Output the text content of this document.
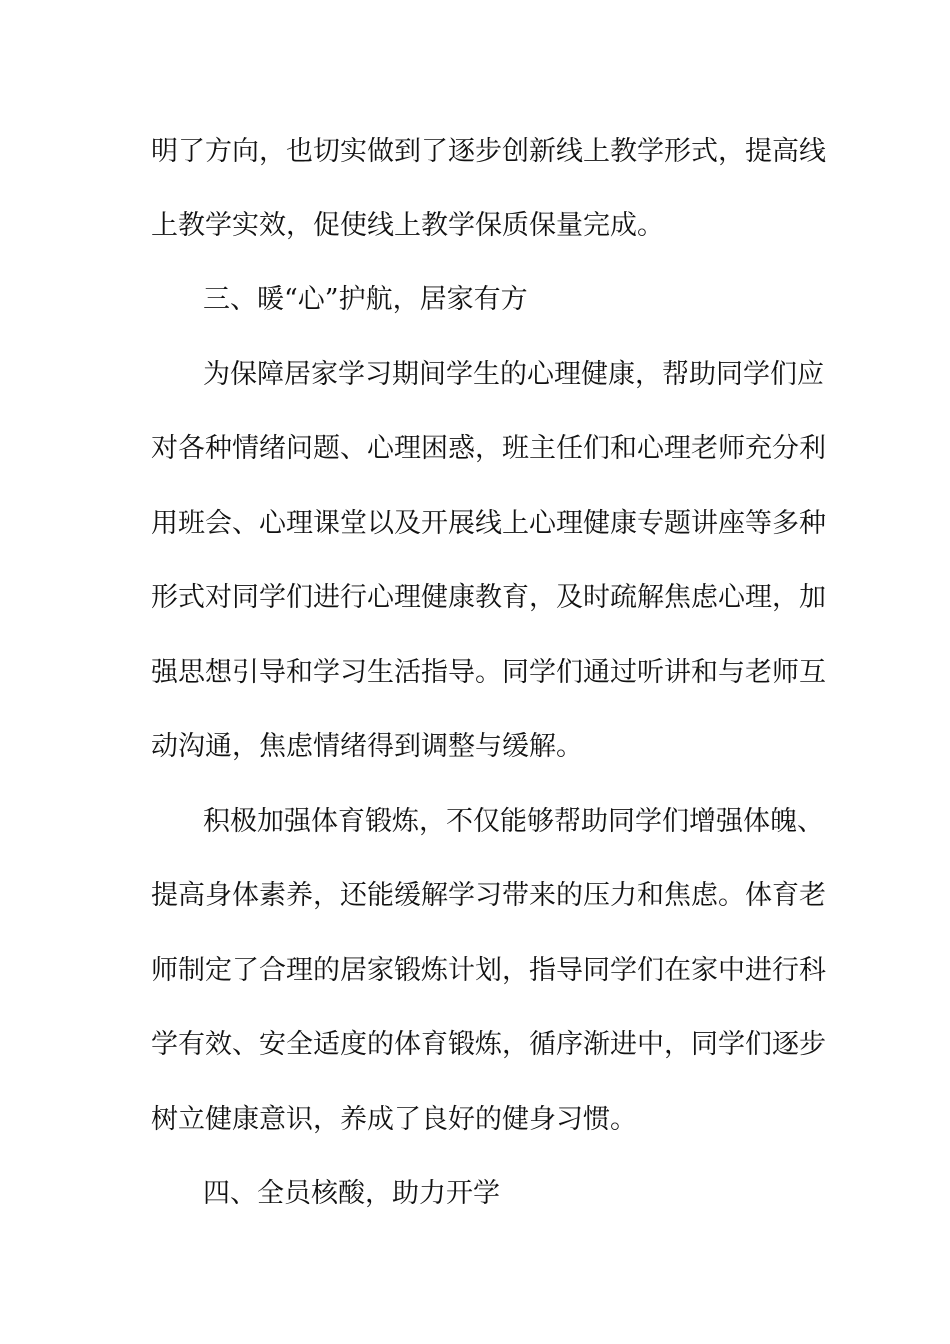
明了方向，也切实做到了逐步创新线上教学形式，提高线
上教学实效，促使线上教学保质保量完成。
三、暖“心”护航，居家有方
为保障居家学习期间学生的心理健康，帮助同学们应
对各种情绪问题、心理困惑，班主任们和心理老师充分利
用班会、心理课堂以及开展线上心理健康专题讲座等多种
形式对同学们进行心理健康教育，及时疏解焦虑心理，加
强思想引导和学习生活指导。同学们通过听讲和与老师互
动沟通，焦虑情绪得到调整与缓解。
积极加强体育锻炼，不仅能够帮助同学们增强体魄、
提高身体素养，还能缓解学习带来的压力和焦虑。体育老
师制定了合理的居家锻炼计划，指导同学们在家中进行科
学有效、安全适度的体育锻炼，循序渐进中，同学们逐步
树立健康意识，养成了良好的健身习惯。
四、全员核酸，助力开学
